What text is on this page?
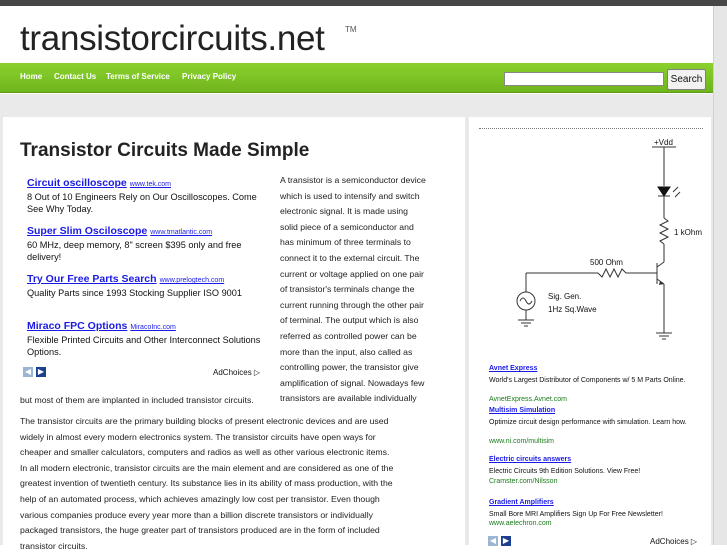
transistorcircuits.net	TM
Home Contact Us Terms of Service Privacy Policy	Search
Transistor Circuits Made Simple
Circuit oscilloscope www.tek.com
8 Out of 10 Engineers Rely on Our Oscilloscopes. Come See Why Today.
Super Slim Osciloscope www.tmatlantic.com
60 MHz, deep memory, 8" screen $395 only and free delivery!
Try Our Free Parts Search www.prelogtech.com
Quality Parts since 1993 Stocking Supplier ISO 9001
Miraco FPC Options MiracoInc.com
Flexible Printed Circuits and Other Interconnect Solutions Options.
◀ ▶	AdChoices ▷
A transistor is a semiconductor device
which is used to intensify and switch
electronic signal. It is made using
solid piece of a semiconductor and
has minimum of three terminals to
connect it to the external circuit. The
current or voltage applied on one pair
of transistor's terminals change the
current running through the other pair
of terminal. The output which is also
referred as controlled power can be
more than the input, also called as
controlling power, the transistor give
amplification of signal. Nowadays few
transistors are available individually
but most of them are implanted in included transistor circuits.
The transistor circuits are the primary building blocks of present electronic devices and are used
widely in almost every modern electronics system. The transistor circuits have open ways for
cheaper and smaller calculators, computers and radios as well as other various electronic items.
In all modern electronic, transistor circuits are the main element and are considered as one of the
greatest invention of twentieth century. Its substance lies in its ability of mass production, with the
help of an automated process, which achieves amazingly low cost per transistor. Even though
various companies produce every year more than a billion discrete transistors or individually
packaged transistors, the huge greater part of transistors produced are in the form of included
transistor circuits.
+Vdd
1 kOhm
500 Ohm
Sig. Gen.
1Hz Sq.Wave
Avnet Express
World's Largest Distributor of Components w/ 5 M Parts Online.
AvnetExpress.Avnet.com
Multisim Simulation
Optimize circuit design performance with simulation. Learn how.
www.ni.com/multisim
Electric circuits answers
Electric Circuits 9th Edition Solutions. View Free!
Cramster.com/Nilsson
Gradient Amplifiers
Small Bore MRI Amplifiers Sign Up For Free Newsletter!
www.aelechron.com
◀ ▶	AdChoices ▷
